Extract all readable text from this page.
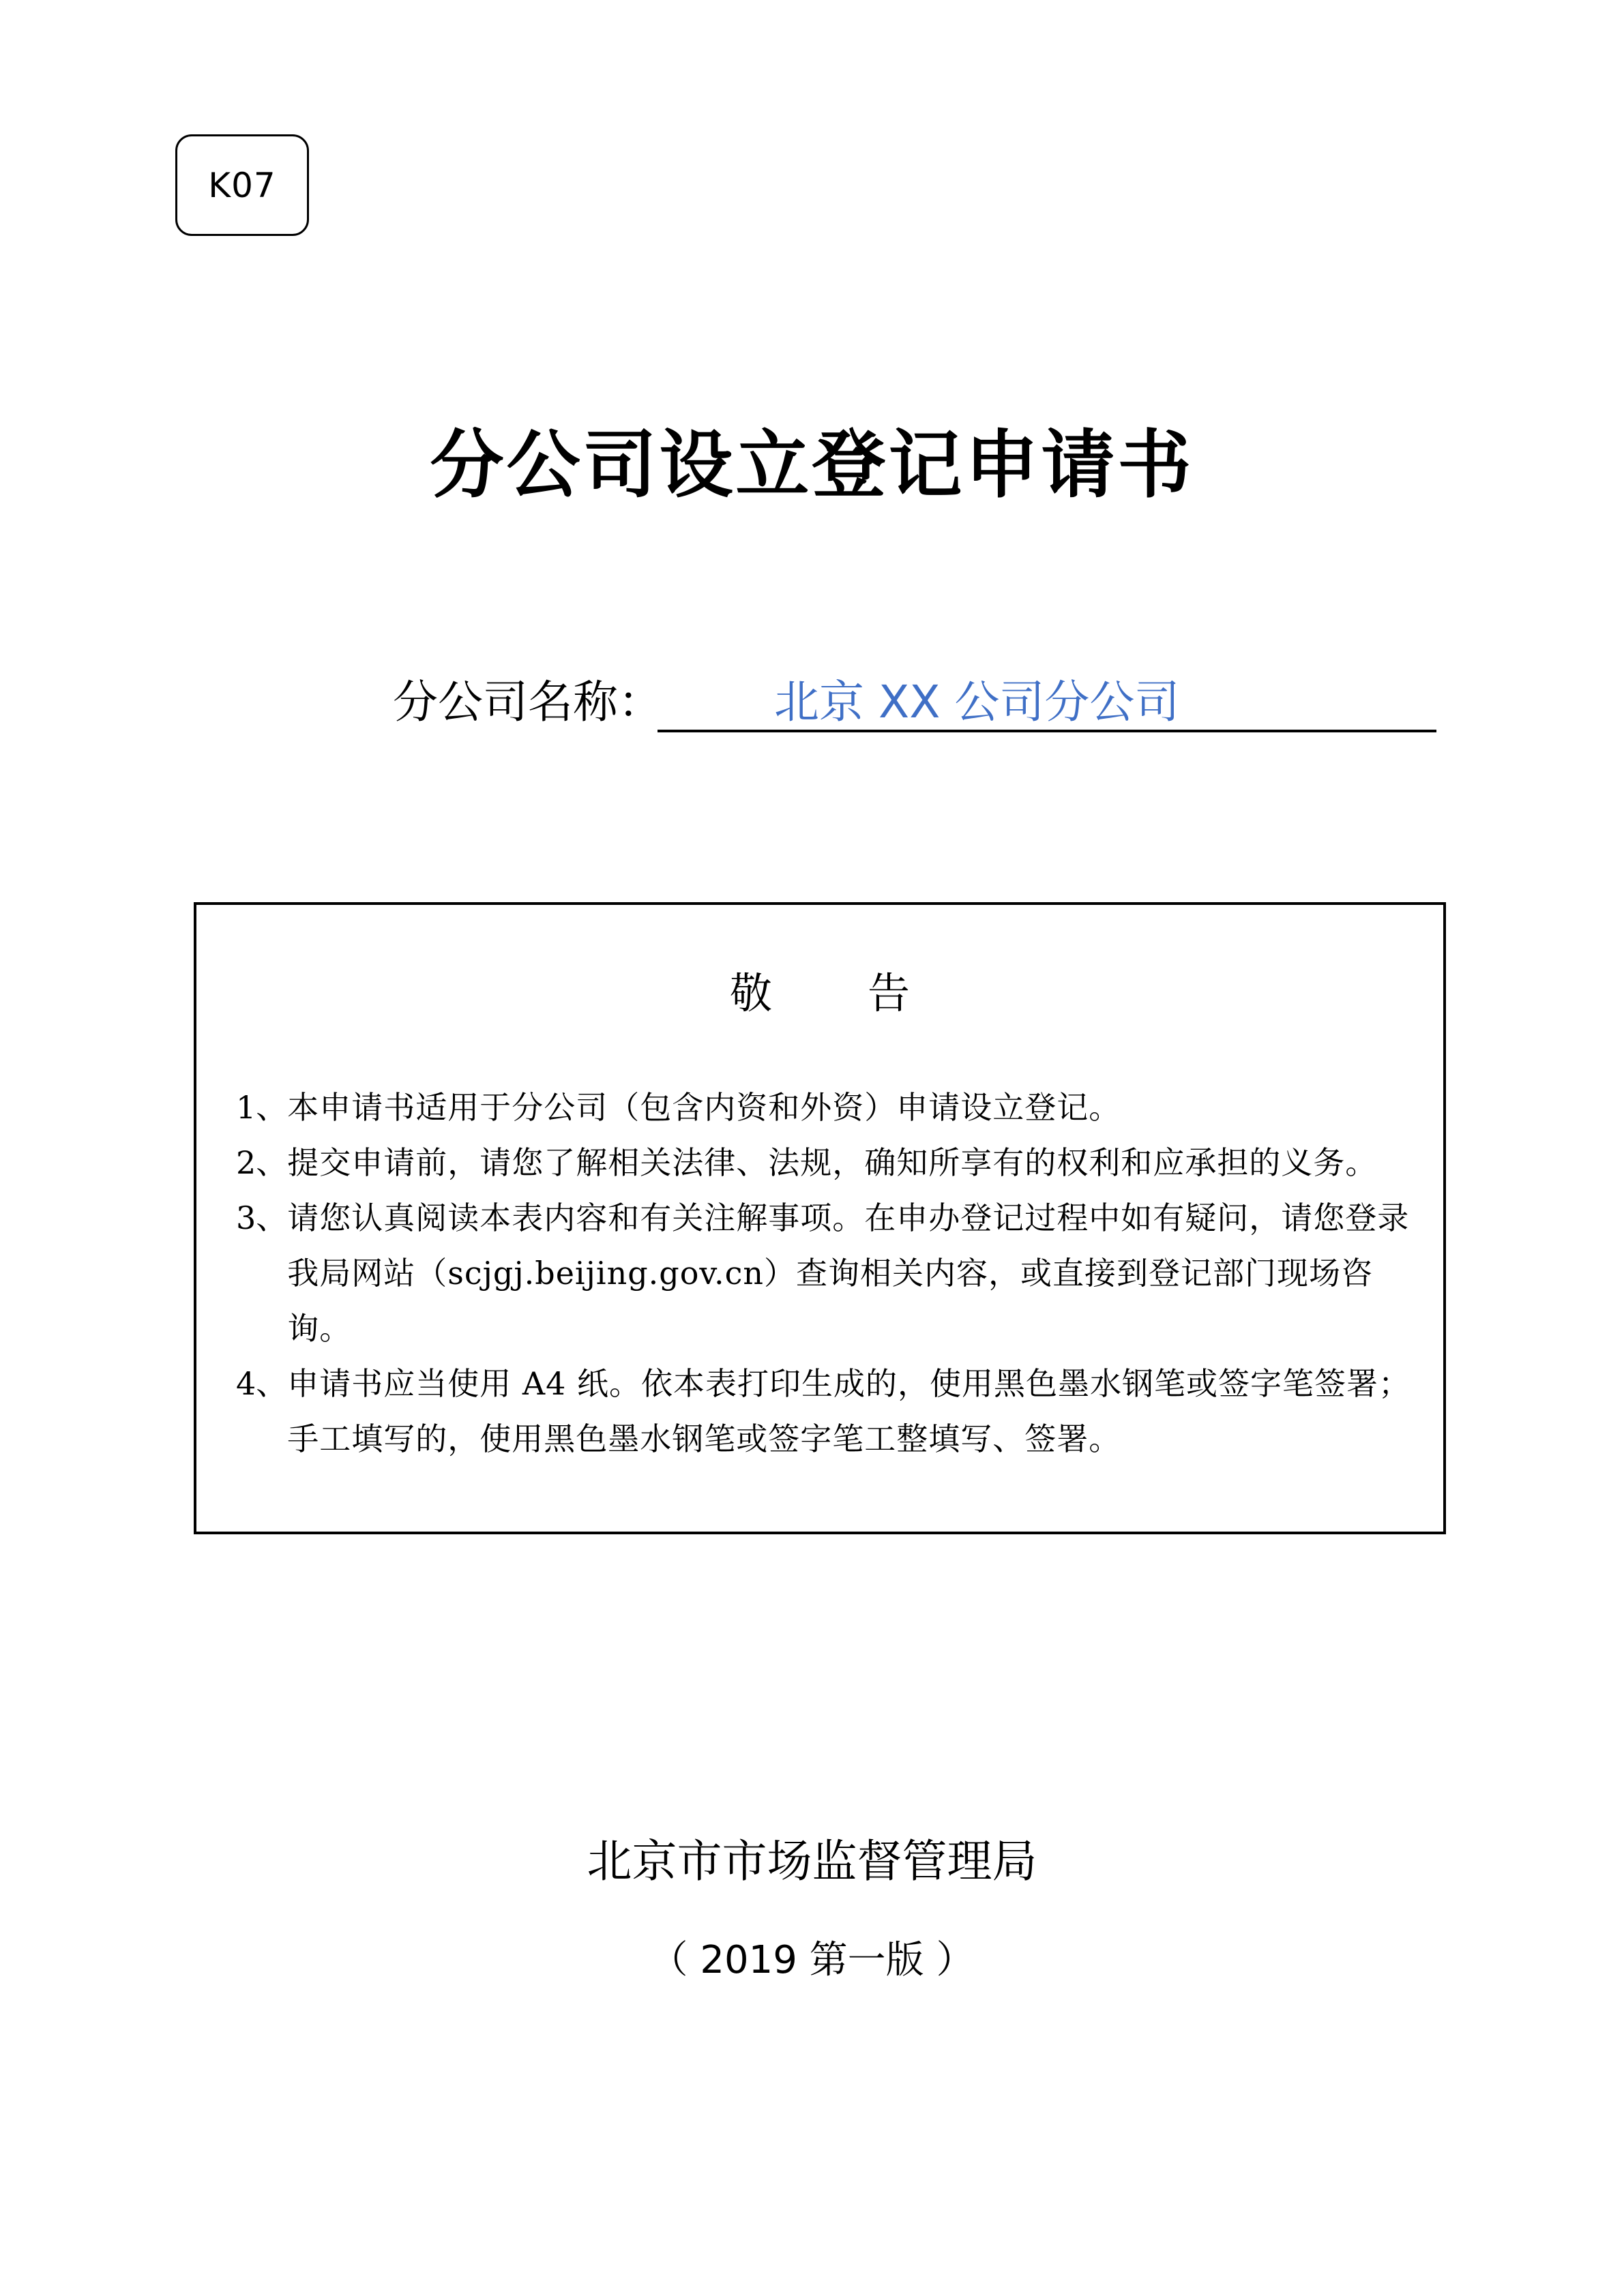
K07
分公司设立登记申请书
分公司名称： 北京 XX 公司分公司
敬 告
1、 本申请书适用于分公司（包含内资和外资）申请设立登记。
2、 提交申请前，请您了解相关法律、法规，确知所享有的权利和应承担的义务。
3、 请您认真阅读本表内容和有关注解事项。在申办登记过程中如有疑问，请您登录我局网站（scjgj.beijing.gov.cn）查询相关内容，或直接到登记部门现场咨询。
4、 申请书应当使用 A4 纸。依本表打印生成的，使用黑色墨水钢笔或签字笔签署；手工填写的，使用黑色墨水钢笔或签字笔工整填写、签署。
北京市市场监督管理局
（ 2019 第一版 ）
